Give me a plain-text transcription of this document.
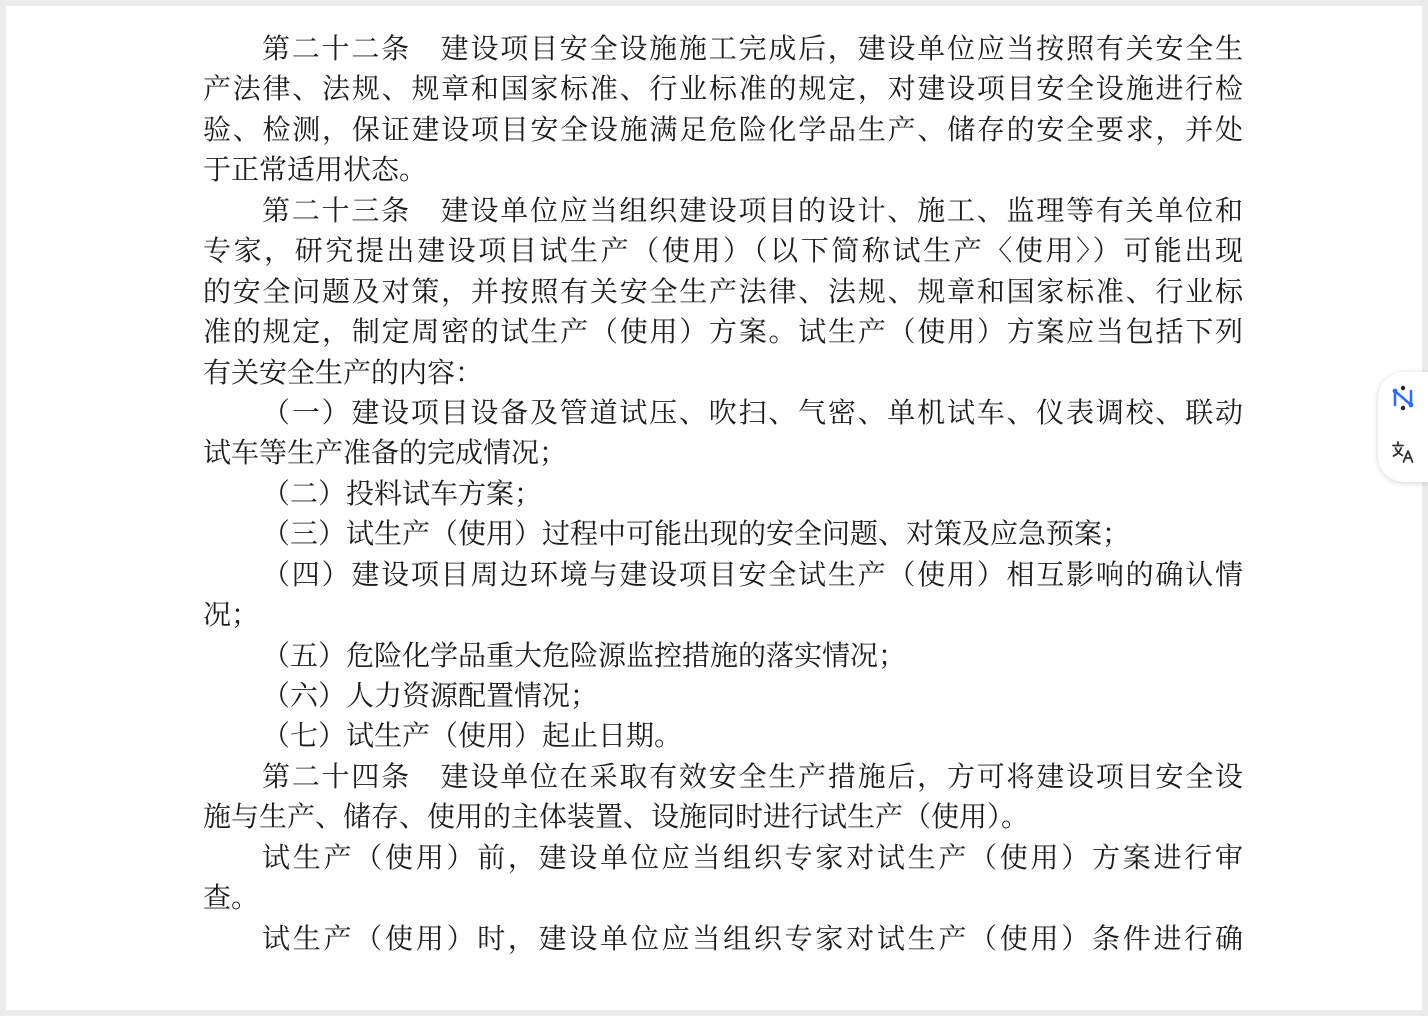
第二十二条　建设项目安全设施施工完成后，建设单位应当按照有关安全生
产法律、法规、规章和国家标准、行业标准的规定，对建设项目安全设施进行检
验、检测，保证建设项目安全设施满足危险化学品生产、储存的安全要求，并处
于正常适用状态。
第二十三条　建设单位应当组织建设项目的设计、施工、监理等有关单位和
专家，研究提出建设项目试生产（使用）（以下简称试生产〈使用〉）可能出现
的安全问题及对策，并按照有关安全生产法律、法规、规章和国家标准、行业标
准的规定，制定周密的试生产（使用）方案。试生产（使用）方案应当包括下列
有关安全生产的内容：
（一）建设项目设备及管道试压、吹扫、气密、单机试车、仪表调校、联动
试车等生产准备的完成情况；
（二）投料试车方案；
（三）试生产（使用）过程中可能出现的安全问题、对策及应急预案；
（四）建设项目周边环境与建设项目安全试生产（使用）相互影响的确认情
况；
（五）危险化学品重大危险源监控措施的落实情况；
（六）人力资源配置情况；
（七）试生产（使用）起止日期。
第二十四条　建设单位在采取有效安全生产措施后，方可将建设项目安全设
施与生产、储存、使用的主体装置、设施同时进行试生产（使用）。
试生产（使用）前，建设单位应当组织专家对试生产（使用）方案进行审
查。
试生产（使用）时，建设单位应当组织专家对试生产（使用）条件进行确
